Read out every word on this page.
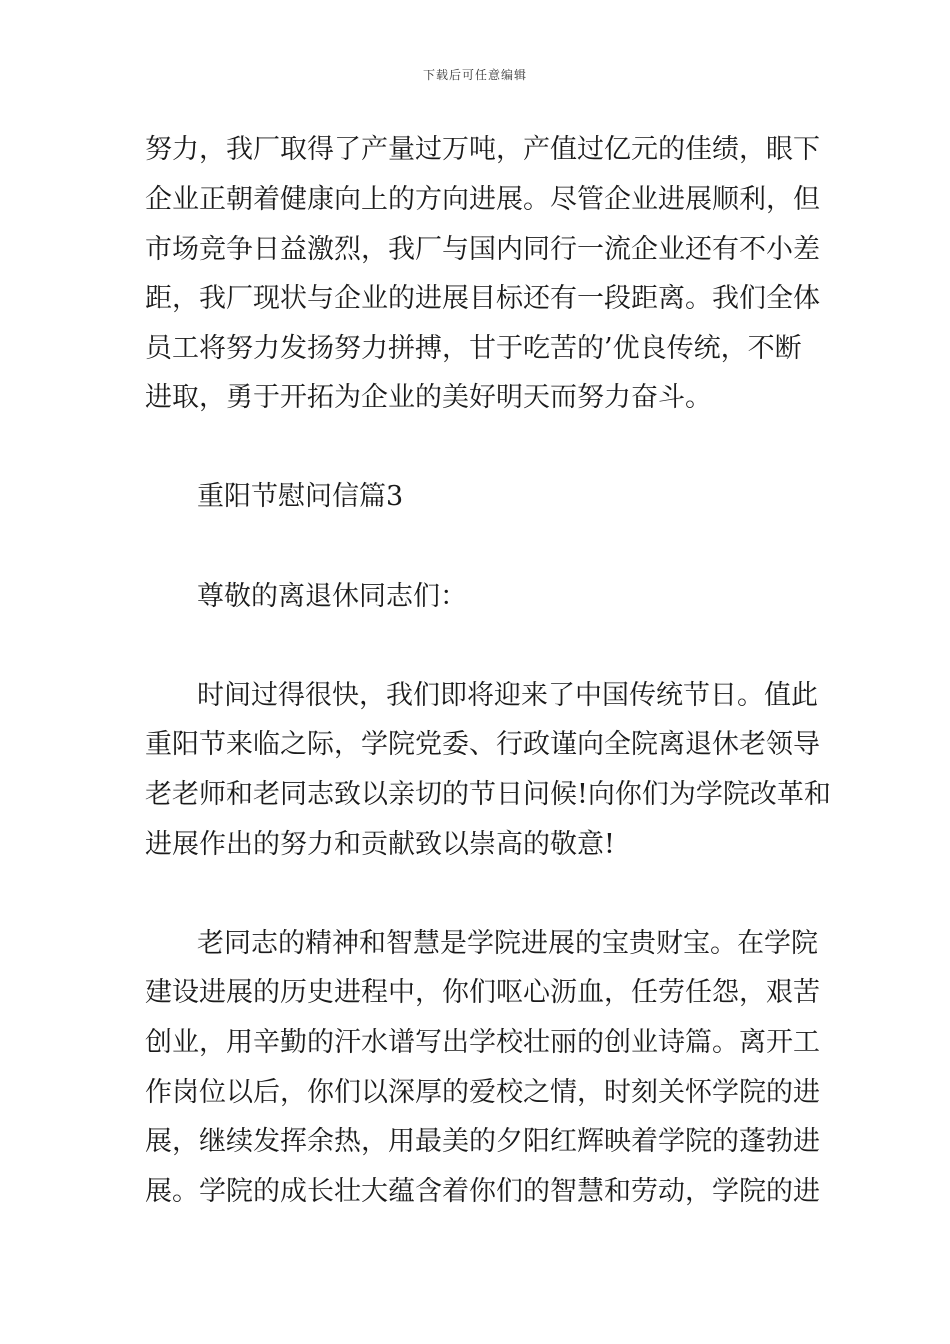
下载后可任意编辑
努力，我厂取得了产量过万吨，产值过亿元的佳绩，眼下
企业正朝着健康向上的方向进展。尽管企业进展顺利，但
市场竞争日益激烈，我厂与国内同行一流企业还有不小差
距，我厂现状与企业的进展目标还有一段距离。我们全体
员工将努力发扬努力拼搏，甘于吃苦的’优良传统，不断
进取，勇于开拓为企业的美好明天而努力奋斗。
重阳节慰问信篇3
尊敬的离退休同志们：
时间过得很快，我们即将迎来了中国传统节日。值此
重阳节来临之际，学院党委、行政谨向全院离退休老领导
老老师和老同志致以亲切的节日问候!向你们为学院改革和
进展作出的努力和贡献致以崇高的敬意!
老同志的精神和智慧是学院进展的宝贵财宝。在学院
建设进展的历史进程中，你们呕心沥血，任劳任怨，艰苦
创业，用辛勤的汗水谱写出学校壮丽的创业诗篇。离开工
作岗位以后，你们以深厚的爱校之情，时刻关怀学院的进
展，继续发挥余热，用最美的夕阳红辉映着学院的蓬勃进
展。学院的成长壮大蕴含着你们的智慧和劳动，学院的进
